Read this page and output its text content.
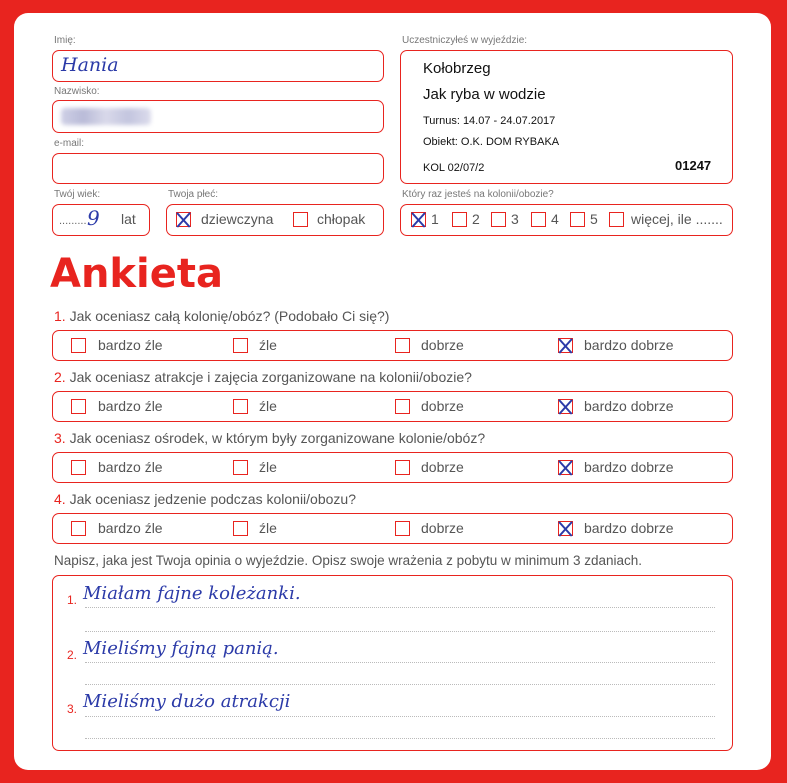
Imię:
Hania
Nazwisko:
e-mail:
Twój wiek:
......... 9 lat
Twoja płeć:
dziewczyna	chłopak
Uczestniczyłeś w wyjeździe:
Kołobrzeg
Jak ryba w wodzie
Turnus: 14.07 - 24.07.2017
Obiekt: O.K. DOM RYBAKA
KOL 02/07/2	01247
Który raz jesteś na kolonii/obozie?
1 2 3 4 5 więcej, ile .......
Ankieta
1. Jak oceniasz całą kolonię/obóz? (Podobało Ci się?)
bardzo źle	źle	dobrze	bardzo dobrze
2. Jak oceniasz atrakcje i zajęcia zorganizowane na kolonii/obozie?
bardzo źle	źle	dobrze	bardzo dobrze
3. Jak oceniasz ośrodek, w którym były zorganizowane kolonie/obóz?
bardzo źle	źle	dobrze	bardzo dobrze
4. Jak oceniasz jedzenie podczas kolonii/obozu?
bardzo źle	źle	dobrze	bardzo dobrze
Napisz, jaka jest Twoja opinia o wyjeździe. Opisz swoje wrażenia z pobytu w minimum 3 zdaniach.
1. Miałam fajne koleżanki.
2. Mieliśmy fajną panią.
3. Mieliśmy dużo atrakcji
